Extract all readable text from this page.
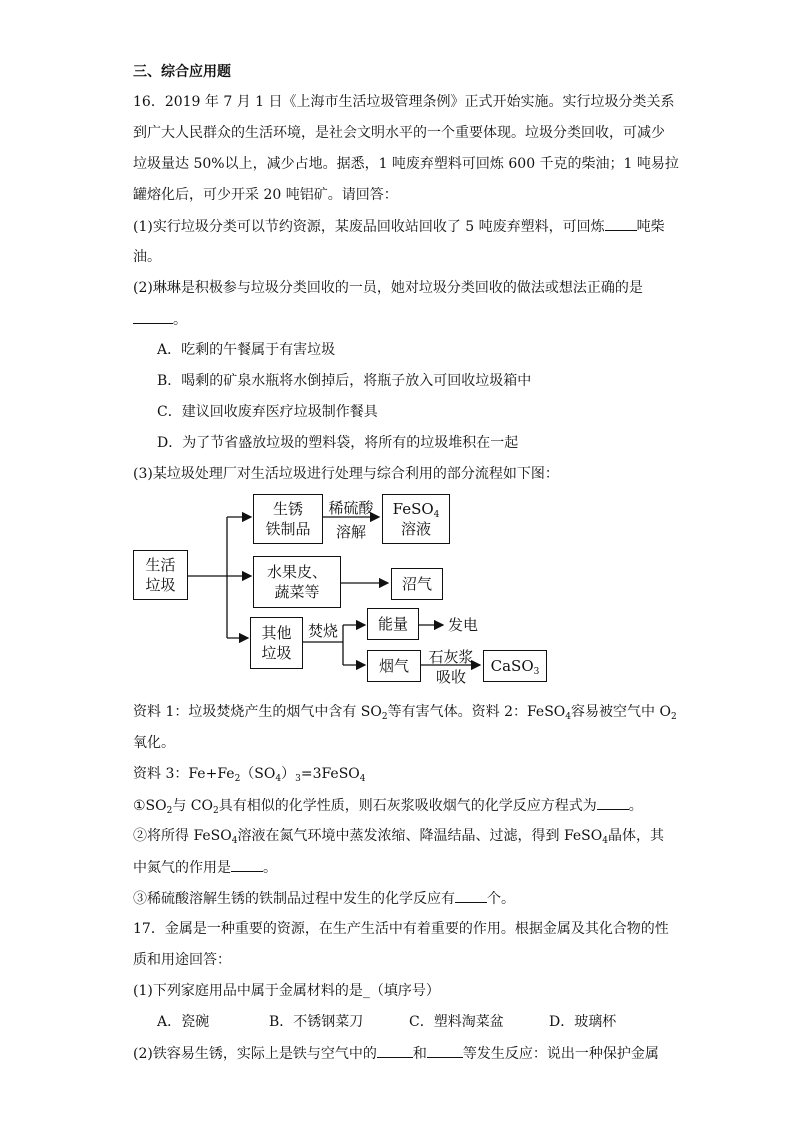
三、综合应用题
16．2019 年 7 月 1 日《上海市生活垃圾管理条例》正式开始实施。实行垃圾分类关系
到广大人民群众的生活环境，是社会文明水平的一个重要体现。垃圾分类回收，可减少
垃圾量达 50%以上，减少占地。据悉，1 吨废弃塑料可回炼 600 千克的柴油；1 吨易拉
罐熔化后，可少开采 20 吨铝矿。请回答：
(1)实行垃圾分类可以节约资源，某废品回收站回收了 5 吨废弃塑料，可回炼 吨柴
油。
(2)琳琳是积极参与垃圾分类回收的一员，她对垃圾分类回收的做法或想法正确的是
。
A．吃剩的午餐属于有害垃圾
B．喝剩的矿泉水瓶将水倒掉后，将瓶子放入可回收垃圾箱中
C．建议回收废弃医疗垃圾制作餐具
D．为了节省盛放垃圾的塑料袋，将所有的垃圾堆积在一起
(3)某垃圾处理厂对生活垃圾进行处理与综合利用的部分流程如下图：
生活
垃圾
生锈
铁制品
稀硫酸
溶解
FeSO$_4$
溶液
水果皮、
蔬菜等	沼气
其他
垃圾
焚烧	能量	发电
烟气 石灰浆
吸收
CaSO$_3$
资料 1：垃圾焚烧产生的烟气中含有 $SO_2$等有害气体。资料 2：FeSO$_4$容易被空气中 $O_2$
氧化。
资料 3：$Fe+Fe_2(SO_4)_3=3FeSO_4$
$①SO_2$与 $CO_2$具有相似的化学性质，则石灰浆吸收烟气的化学反应方程式为 。
②将所得 FeSO$_4$溶液在氮气环境中蒸发浓缩、降温结晶、过滤，得到 FeSO$_4$晶体，其
中氮气的作用是 。
③稀硫酸溶解生锈的铁制品过程中发生的化学反应有 个。
17．金属是一种重要的资源，在生产生活中有着重要的作用。根据金属及其化合物的性
质和用途回答：
(1)下列家庭用品中属于金属材料的是_（填序号）
A．瓷碗	B．不锈钢菜刀	C．塑料淘菜盆	D．玻璃杯
(2)铁容易生锈，实际上是铁与空气中的	和	等发生反应：说出一种保护金属
